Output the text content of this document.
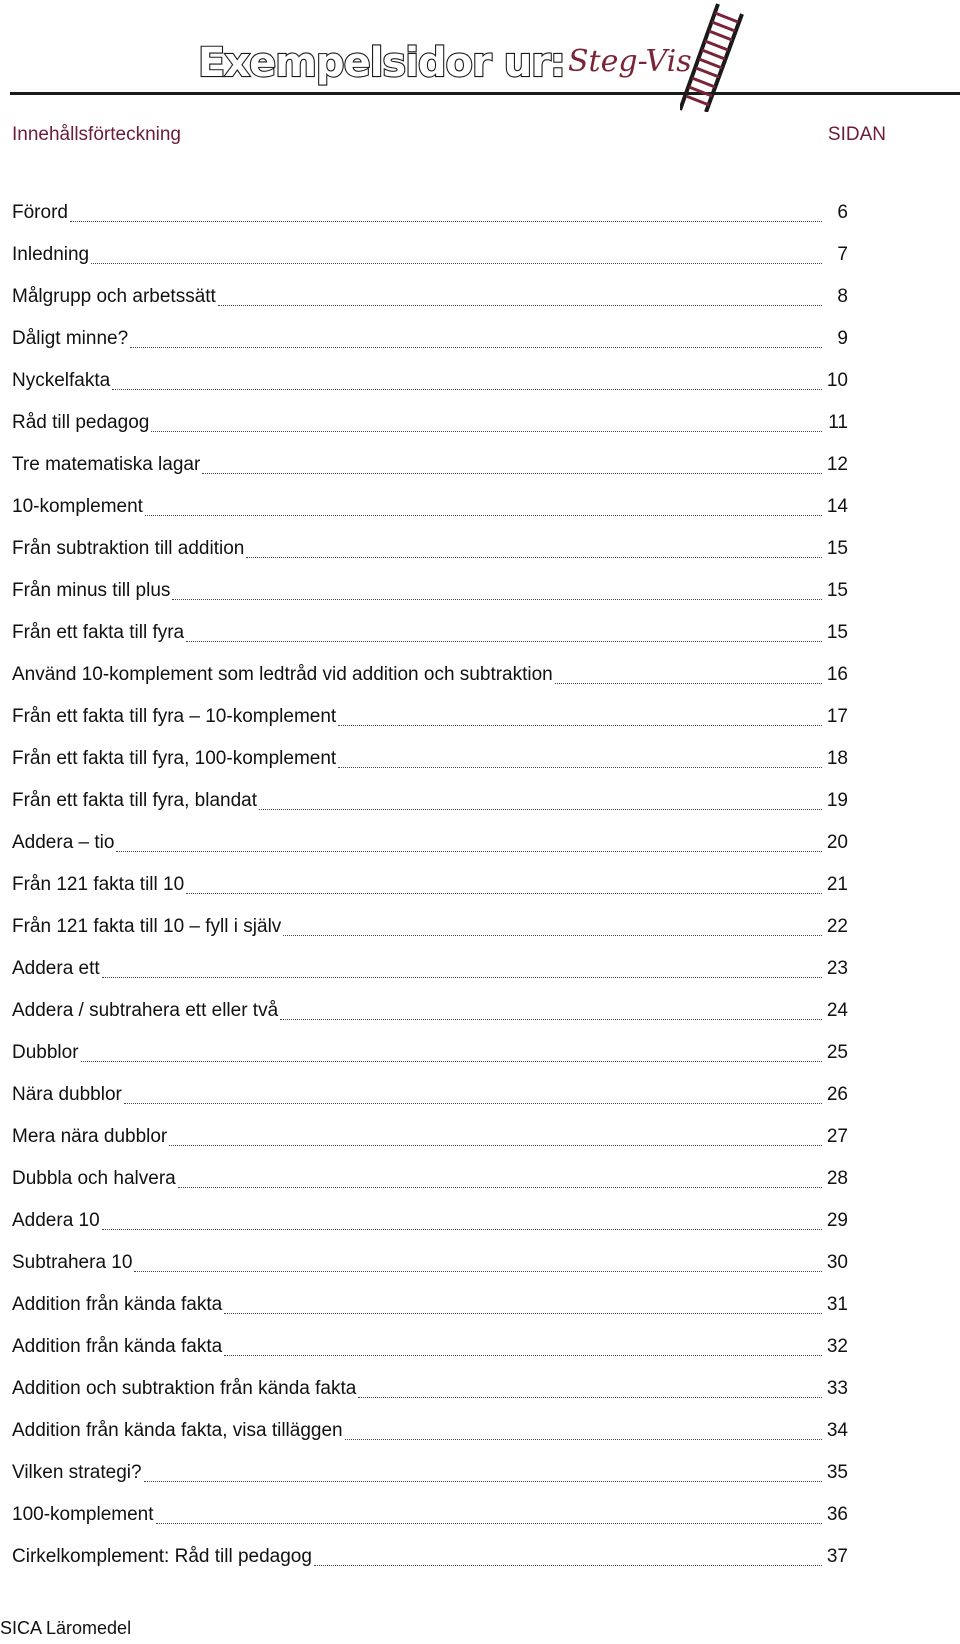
Exempelsidor ur: Steg-Vis
Innehållsförteckning	SIDAN
Förord	6
Inledning	7
Målgrupp och arbetssätt	8
Dåligt minne?	9
Nyckelfakta	10
Råd till pedagog	11
Tre matematiska lagar	12
10-komplement	14
Från subtraktion till addition	15
Från minus till plus	15
Från ett fakta till fyra	15
Använd 10-komplement som ledtråd vid addition och subtraktion	16
Från ett fakta till fyra – 10-komplement	17
Från ett fakta till fyra, 100-komplement	18
Från ett fakta till fyra, blandat	19
Addera – tio	20
Från 121 fakta till 10	21
Från 121 fakta till 10 – fyll i själv	22
Addera ett	23
Addera / subtrahera ett eller två	24
Dubblor	25
Nära dubblor	26
Mera nära dubblor	27
Dubbla och halvera	28
Addera 10	29
Subtrahera 10	30
Addition från kända fakta	31
Addition från kända fakta	32
Addition och subtraktion från kända fakta	33
Addition från kända fakta, visa tilläggen	34
Vilken strategi?	35
100-komplement	36
Cirkelkomplement: Råd till pedagog	37
SICA Läromedel
